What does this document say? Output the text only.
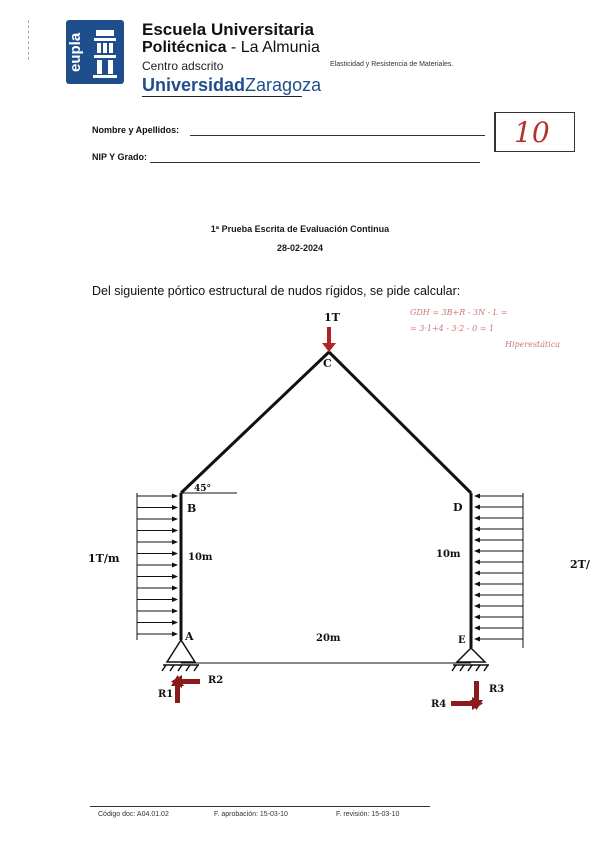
eupla
Escuela Universitaria
Politécnica - La Almunia
Centro adscrito
UniversidadZaragoza
Elasticidad y Resistencia de Materiales.
Nombre y Apellidos:
NIP Y Grado:
10
1ª Prueba Escrita de Evaluación Continua
28-02-2024
Del siguiente pórtico estructural de nudos rígidos, se pide calcular:
GDH = 3B+R - 3N - L =
= 3·1+4 - 3·2 - 0 = 1
Hiperestática
1T
C
45°
B	D
1T/m	10m	10m
2T/
A	20m	E
R1
R2
R3
R4
Código doc: A04.01.02	F. aprobación: 15-03-10	F. revisión: 15-03-10
